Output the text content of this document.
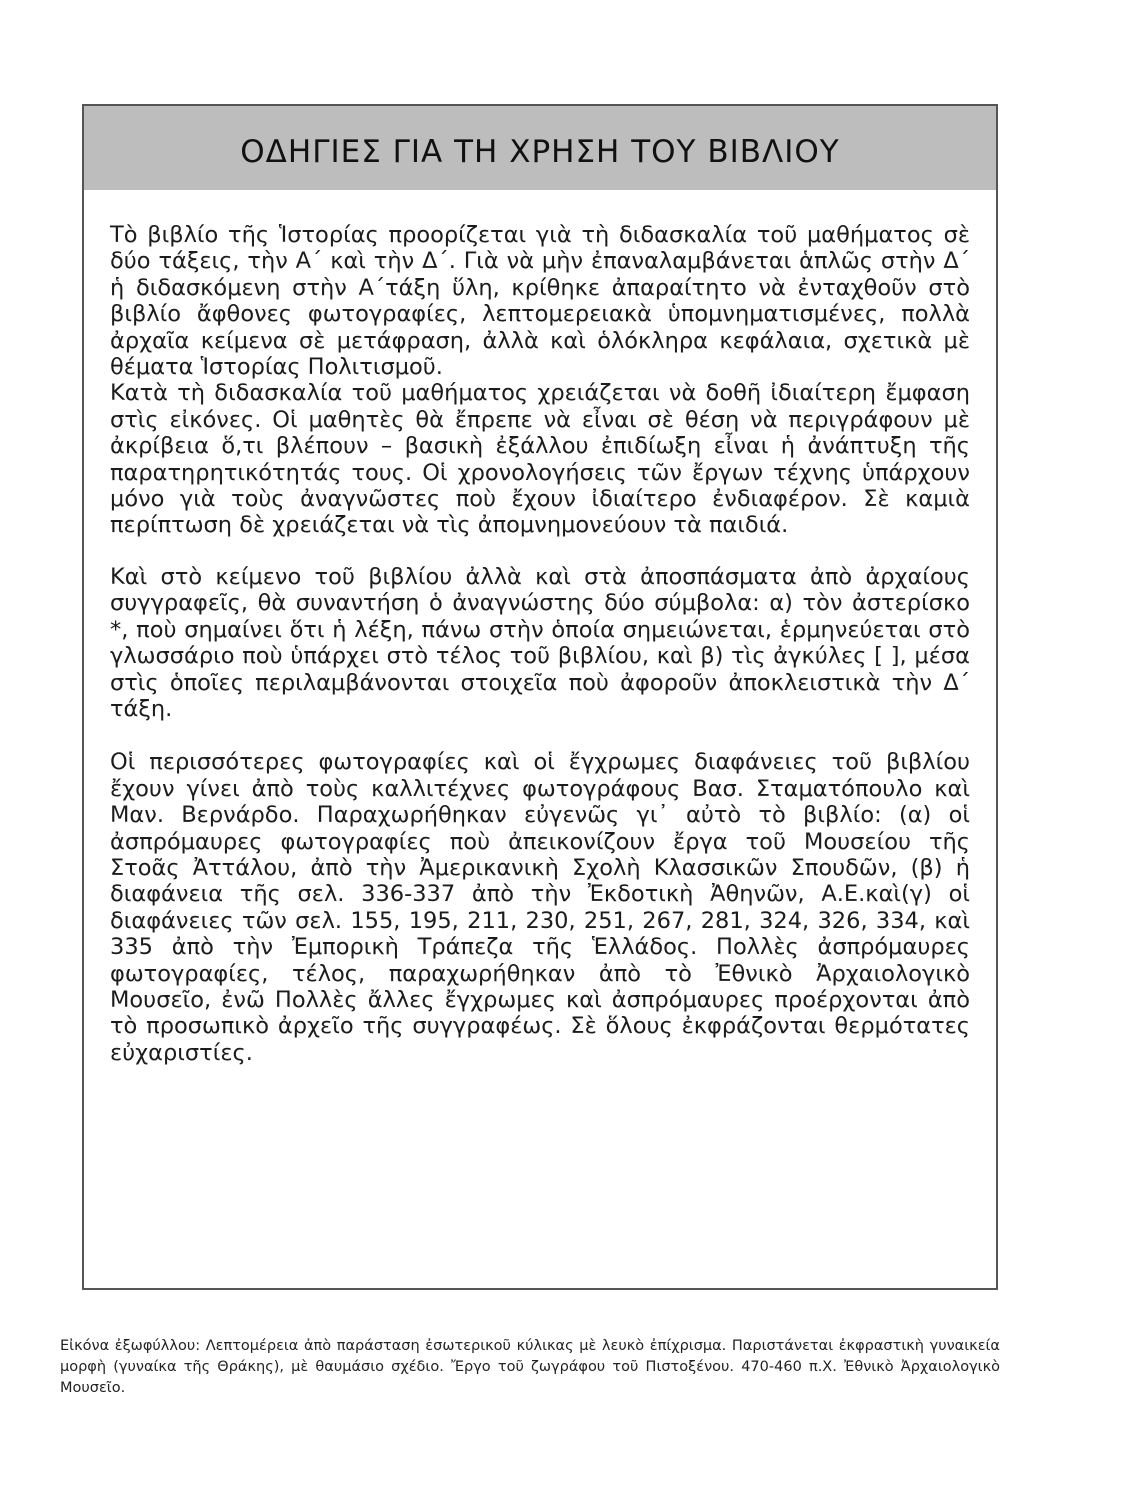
ΟΔΗΓΙΕΣ ΓΙΑ ΤΗ ΧΡΗΣΗ ΤΟΥ ΒΙΒΛΙΟΥ

Τὸ βιβλίο τῆς Ἱστορίας προορίζεται γιὰ τὴ διδασκαλία τοῦ μαθήματος σὲ δύο τάξεις, τὴν Α΄ καὶ τὴν Δ΄. Γιὰ νὰ μὴν ἐπαναλαμβάνεται ἁπλῶς στὴν Δ΄ ἡ διδασκόμενη στὴν Α΄τάξη ὕλη, κρίθηκε ἀπαραίτητο νὰ ἐνταχθοῦν στὸ βιβλίο ἄφθονες φωτογραφίες, λεπτομερειακὰ ὑπομνηματισμένες, πολλὰ ἀρχαῖα κείμενα σὲ μετάφραση, ἀλλὰ καὶ ὁλόκληρα κεφάλαια, σχετικὰ μὲ θέματα Ἱστορίας Πολιτισμοῦ.

Κατὰ τὴ διδασκαλία τοῦ μαθήματος χρειάζεται νὰ δοθῆ ἰδιαίτερη ἔμφαση στὶς εἰκόνες. Οἱ μαθητὲς θὰ ἔπρεπε νὰ εἶναι σὲ θέση νὰ περιγράφουν μὲ ἀκρίβεια ὅ,τι βλέπουν – βασικὴ ἐξάλλου ἐπιδίωξη εἶναι ἡ ἀνάπτυξη τῆς παρατηρητικότητάς τους. Οἱ χρονολογήσεις τῶν ἔργων τέχνης ὑπάρχουν μόνο γιὰ τοὺς ἀναγνῶστες ποὺ ἔχουν ἰδιαίτερο ἐνδιαφέρον. Σὲ καμιὰ περίπτωση δὲ χρειάζεται νὰ τὶς ἀπομνημονεύουν τὰ παιδιά.

Καὶ στὸ κείμενο τοῦ βιβλίου ἀλλὰ καὶ στὰ ἀποσπάσματα ἀπὸ ἀρχαίους συγγραφεῖς, θὰ συναντήση ὁ ἀναγνώστης δύο σύμβολα: α) τὸν ἀστερίσκο *, ποὺ σημαίνει ὅτι ἡ λέξη, πάνω στὴν ὁποία σημειώνεται, ἑρμηνεύεται στὸ γλωσσάριο ποὺ ὑπάρχει στὸ τέλος τοῦ βιβλίου, καὶ β) τὶς ἀγκύλες [ ], μέσα στὶς ὁποῖες περιλαμβάνονται στοιχεῖα ποὺ ἀφοροῦν ἀποκλειστικὰ τὴν Δ΄ τάξη.

Οἱ περισσότερες φωτογραφίες καὶ οἱ ἔγχρωμες διαφάνειες τοῦ βιβλίου ἔχουν γίνει ἀπὸ τοὺς καλλιτέχνες φωτογράφους Βασ. Σταματόπουλο καὶ Μαν. Βερνάρδο. Παραχωρήθηκαν εὐγενῶς γι᾽ αὐτὸ τὸ βιβλίο: (α) οἱ ἀσπρόμαυρες φωτογραφίες ποὺ ἀπεικονίζουν ἔργα τοῦ Μουσείου τῆς Στοᾶς Ἀττάλου, ἀπὸ τὴν Ἀμερικανικὴ Σχολὴ Κλασσικῶν Σπουδῶν, (β) ἡ διαφάνεια τῆς σελ. 336-337 ἀπὸ τὴν Ἐκδοτικὴ Ἀθηνῶν, Α.Ε.καὶ(γ) οἱ διαφάνειες τῶν σελ. 155, 195, 211, 230, 251, 267, 281, 324, 326, 334, καὶ 335 ἀπὸ τὴν Ἐμπορικὴ Τράπεζα τῆς Ἑλλάδος. Πολλὲς ἀσπρόμαυρες φωτογραφίες, τέλος, παραχωρήθηκαν ἀπὸ τὸ Ἐθνικὸ Ἀρχαιολογικὸ Μουσεῖο, ἐνῶ Πολλὲς ἄλλες ἔγχρωμες καὶ ἀσπρόμαυρες προέρχονται ἀπὸ τὸ προσωπικὸ ἀρχεῖο τῆς συγγραφέως. Σὲ ὅλους ἐκφράζονται θερμότατες εὐχαριστίες.

Εἰκόνα ἐξωφύλλου: Λεπτομέρεια ἀπὸ παράσταση ἐσωτερικοῦ κύλικας μὲ λευκὸ ἐπίχρισμα. Παριστάνεται ἐκφραστικὴ γυναικεία μορφὴ (γυναίκα τῆς Θράκης), μὲ θαυμάσιο σχέδιο. Ἔργο τοῦ ζωγράφου τοῦ Πιστοξένου. 470-460 π.Χ. Ἐθνικὸ Ἀρχαιολογικὸ Μουσεῖο.
